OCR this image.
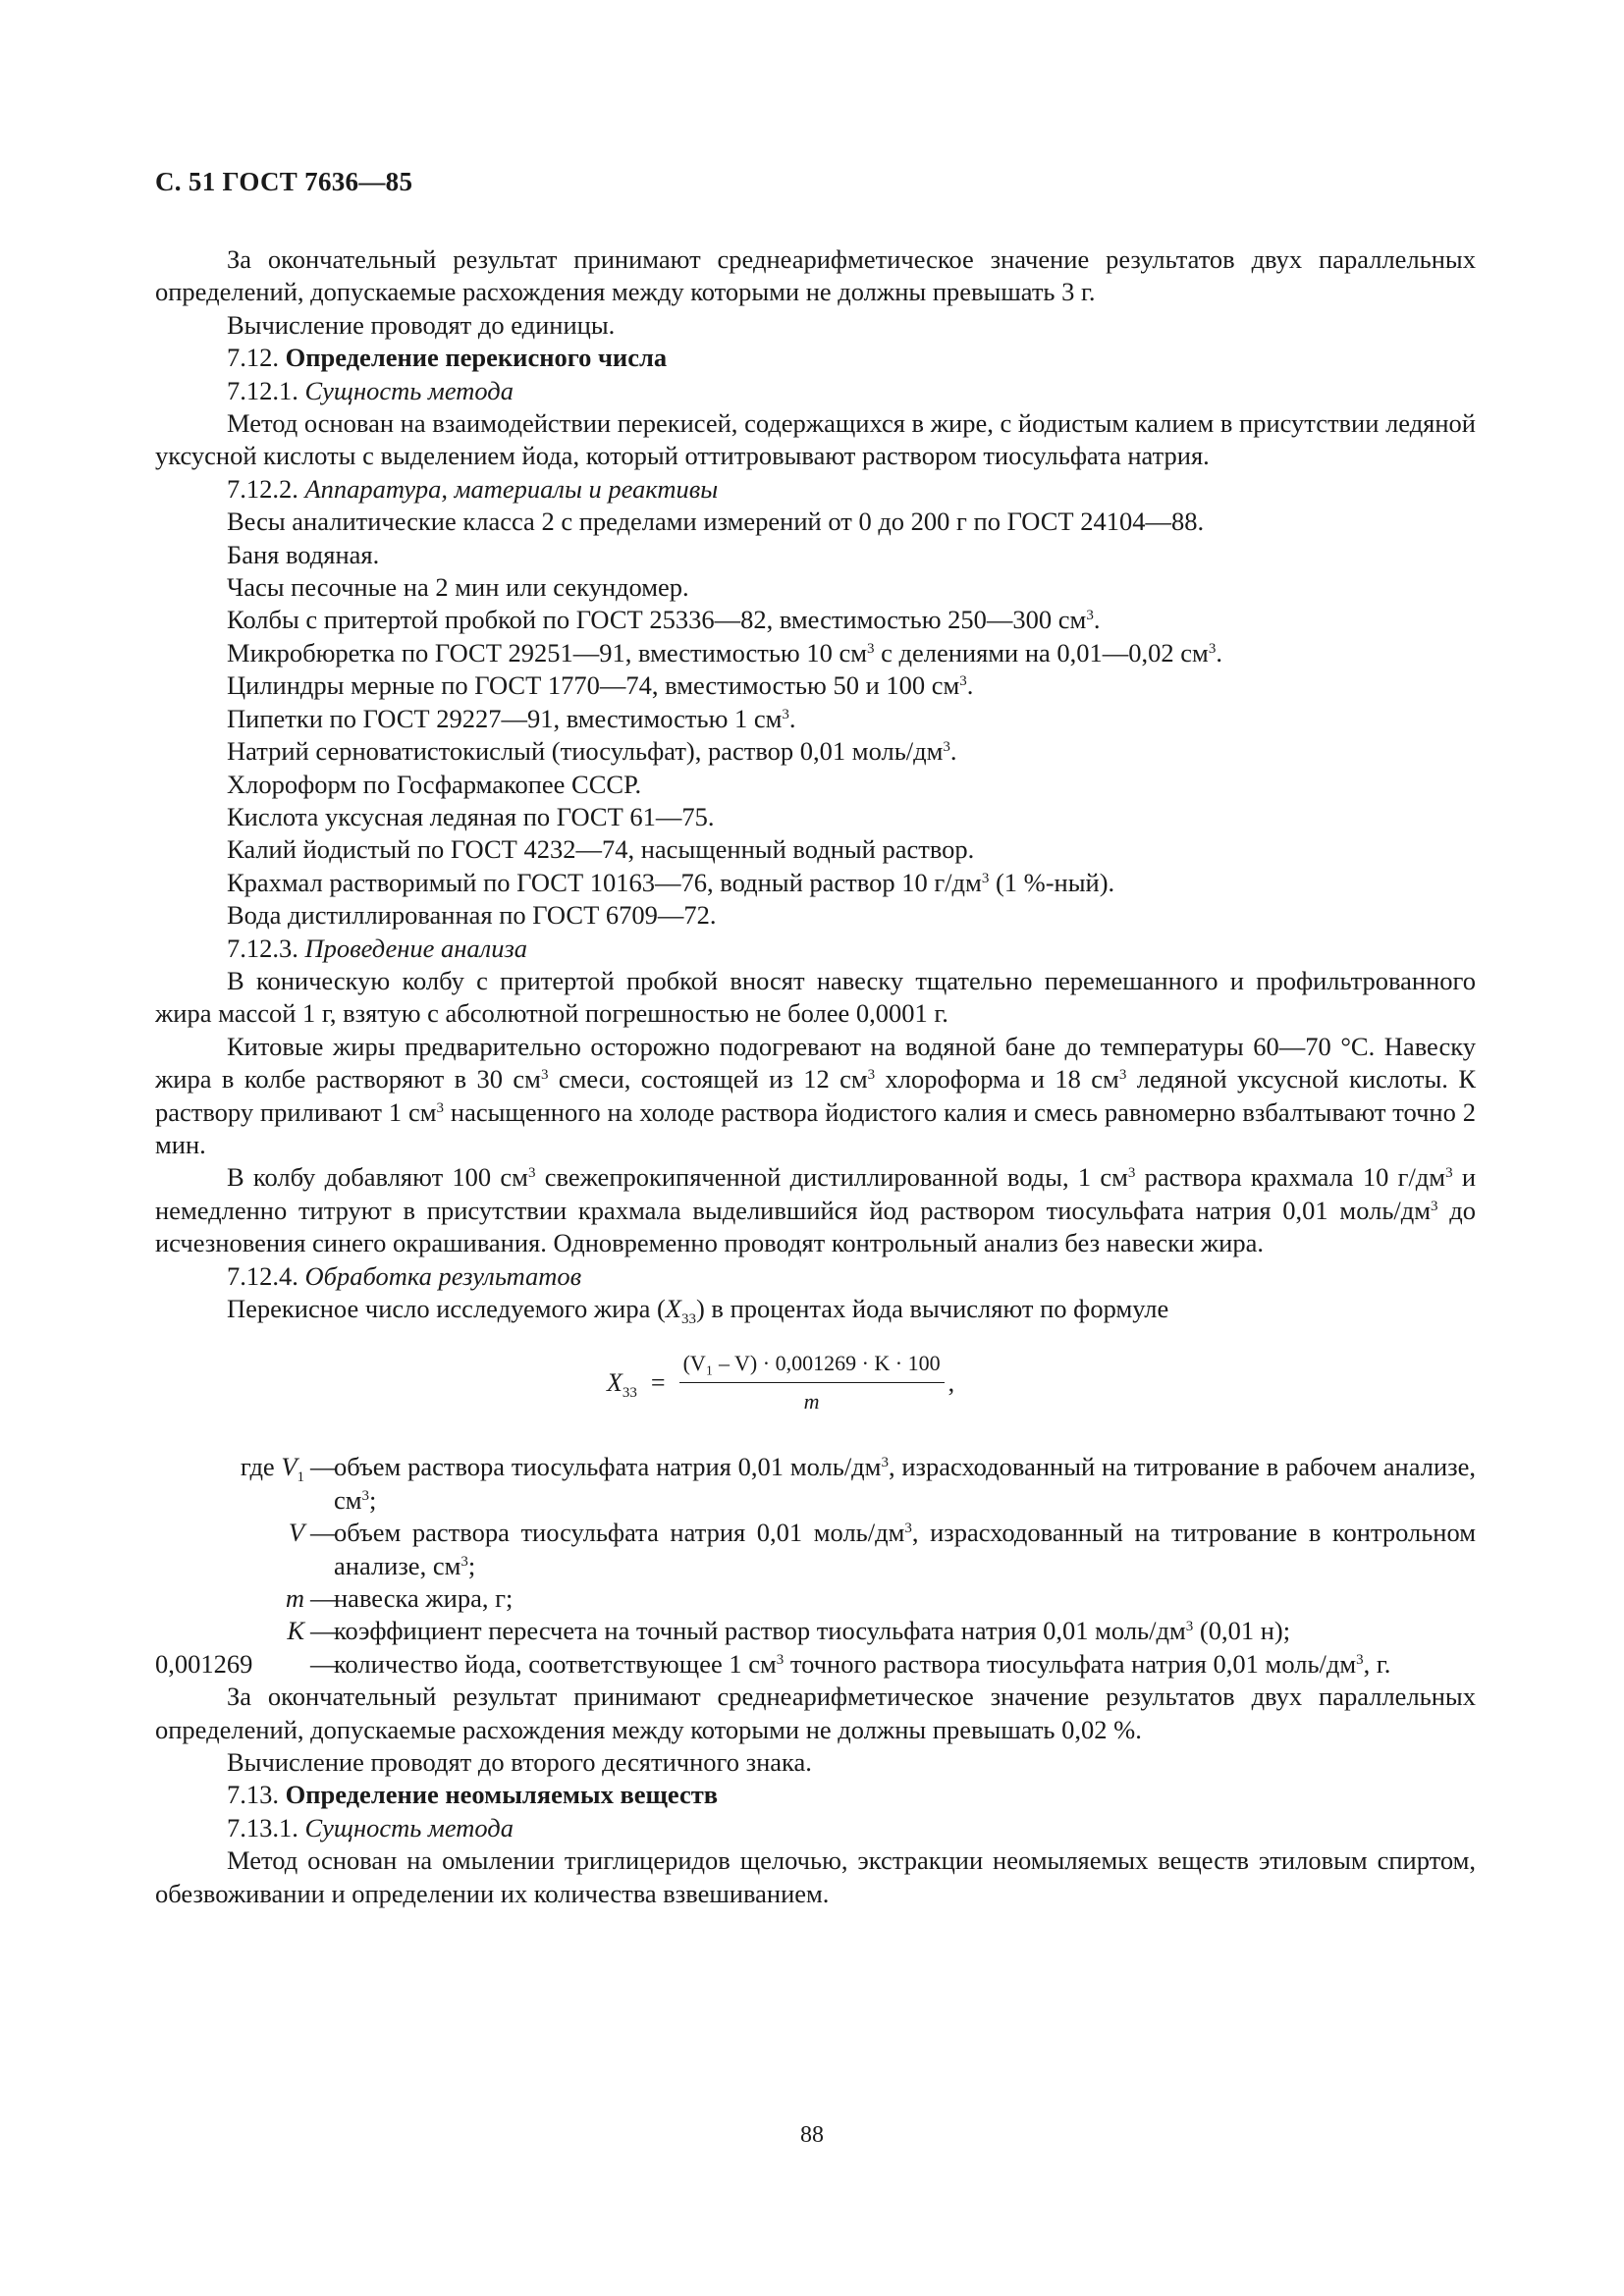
С. 51 ГОСТ 7636—85

За окончательный результат принимают среднеарифметическое значение результатов двух параллельных определений, допускаемые расхождения между которыми не должны превышать 3 г.

Вычисление проводят до единицы.

7.12. Определение перекисного числа

7.12.1. Сущность метода

Метод основан на взаимодействии перекисей, содержащихся в жире, с йодистым калием в присутствии ледяной уксусной кислоты с выделением йода, который оттитровывают раствором тиосульфата натрия.

7.12.2. Аппаратура, материалы и реактивы

Весы аналитические класса 2 с пределами измерений от 0 до 200 г по ГОСТ 24104—88.

Баня водяная.

Часы песочные на 2 мин или секундомер.

Колбы с притертой пробкой по ГОСТ 25336—82, вместимостью 250—300 $см^3$.

Микробюретка по ГОСТ 29251—91, вместимостью 10 $см^3$ с делениями на 0,01—0,02 $см^3$.

Цилиндры мерные по ГОСТ 1770—74, вместимостью 50 и 100 $см^3$.

Пипетки по ГОСТ 29227—91, вместимостью 1 $см^3$.

Натрий серноватистокислый (тиосульфат), раствор 0,01 моль/$дм^3$.

Хлороформ по Госфармакопее СССР.

Кислота уксусная ледяная по ГОСТ 61—75.

Калий йодистый по ГОСТ 4232—74, насыщенный водный раствор.

Крахмал растворимый по ГОСТ 10163—76, водный раствор 10 $г/дм^3$ (1 %-ный).

Вода дистиллированная по ГОСТ 6709—72.

7.12.3. Проведение анализа

В коническую колбу с притертой пробкой вносят навеску тщательно перемешанного и профильтрованного жира массой 1 г, взятую с абсолютной погрешностью не более 0,0001 г.

Китовые жиры предварительно осторожно подогревают на водяной бане до температуры 60—70 °С. Навеску жира в колбе растворяют в 30 $см^3$ смеси, состоящей из 12 $см^3$ хлороформа и 18 $см^3$ ледяной уксусной кислоты. К раствору приливают 1 $см^3$ насыщенного на холоде раствора йодистого калия и смесь равномерно взбалтывают точно 2 мин.

В колбу добавляют 100 $см^3$ свежепрокипяченной дистиллированной воды, 1 $см^3$ раствора крахмала 10 $г/дм^3$ и немедленно титруют в присутствии крахмала выделившийся йод раствором тиосульфата натрия 0,01 моль/$дм^3$ до исчезновения синего окрашивания. Одновременно проводят контрольный анализ без навески жира.

7.12.4. Обработка результатов

Перекисное число исследуемого жира $(X_{33})$ в процентах йода вычисляют по формуле

$X_{33} = \frac{\text{(V₁ – V) · 0,001269 · K · 100}}{m}$ ,
где $V_1$ —
объем раствора тиосульфата натрия 0,01 моль/$дм^3$, израсходованный на титрование в рабочем анализе, $см^3$;
V —
объем раствора тиосульфата натрия 0,01 моль/$дм^3$, израсходованный на титрование в контрольном анализе, $см^3$;
m —
навеска жира, г;
K —
коэффициент пересчета на точный раствор тиосульфата натрия 0,01 моль/$дм^3$ (0,01 н);
0,001269	—
количество йода, соответствующее 1 $см^3$ точного раствора тиосульфата натрия 0,01 моль/$дм^3$, г.

За окончательный результат принимают среднеарифметическое значение результатов двух параллельных определений, допускаемые расхождения между которыми не должны превышать 0,02 %.

Вычисление проводят до второго десятичного знака.

7.13. Определение неомыляемых веществ

7.13.1. Сущность метода

Метод основан на омылении триглицеридов щелочью, экстракции неомыляемых веществ этиловым спиртом, обезвоживании и определении их количества взвешиванием.

88
